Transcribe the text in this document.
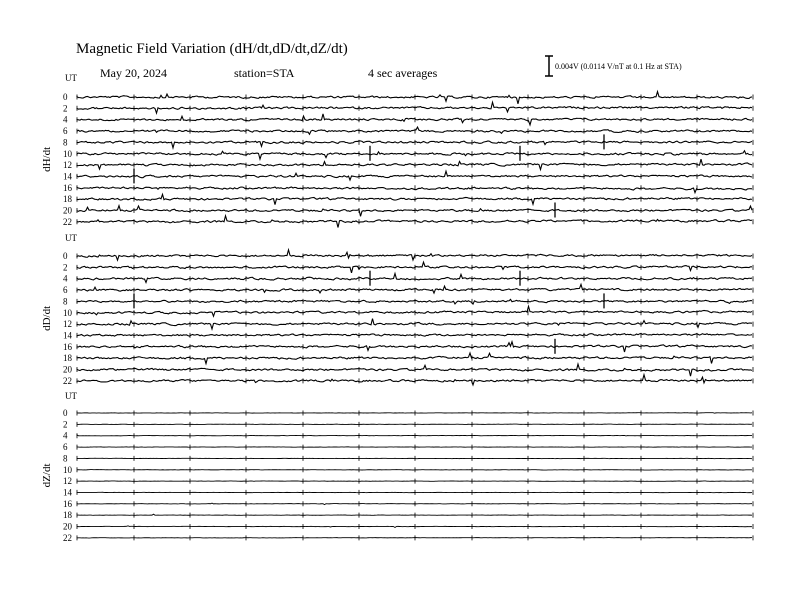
Magnetic Field Variation (dH/dt,dD/dt,dZ/dt)
May 20, 2024	station=STA	4 sec averages	0.004V (0.0114 V/nT at 0.1 Hz at STA)
UT
dH/dt
0
2
4
6
8
10
12
14
16
18
20
22
UT
dD/dt
0
2
4
6
8
10
12
14
16
18
20
22
UT
dZ/dt
0
2
4
6
8
10
12
14
16
18
20
22
